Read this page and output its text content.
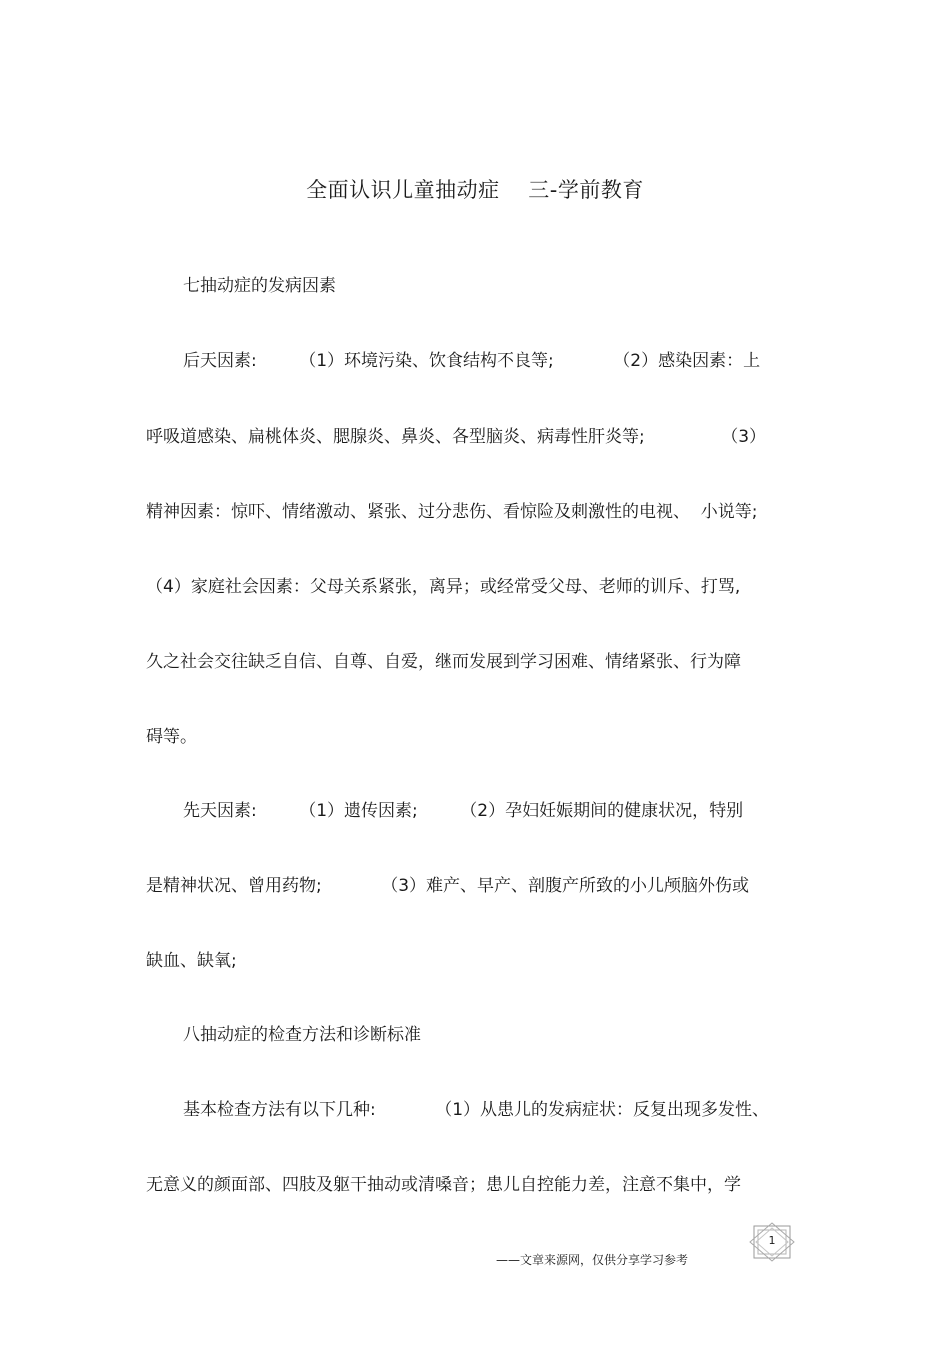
全面认识儿童抽动症　 三-学前教育
七抽动症的发病因素
后天因素:　　　（1）环境污染、饮食结构不良等;　　　　（2）感染因素：上
呼吸道感染、扁桃体炎、腮腺炎、鼻炎、各型脑炎、病毒性肝炎等;　　　　　（3）
精神因素：惊吓、情绪激动、紧张、过分悲伤、看惊险及刺激性的电视、  小说等;
（4）家庭社会因素：父母关系紧张，离异；或经常受父母、老师的训斥、打骂,
久之社会交往缺乏自信、自尊、自爱，继而发展到学习困难、情绪紧张、行为障
碍等。
先天因素:　　　（1）遗传因素;　　　（2）孕妇妊娠期间的健康状况，特别
是精神状况、曾用药物;　　　　（3）难产、早产、剖腹产所致的小儿颅脑外伤或
缺血、缺氧;
八抽动症的检查方法和诊断标准
基本检查方法有以下几种:　　　　（1）从患儿的发病症状：反复出现多发性、
无意义的颜面部、四肢及躯干抽动或清嗓音；患儿自控能力差，注意不集中，学
1
——文章来源网，仅供分享学习参考
